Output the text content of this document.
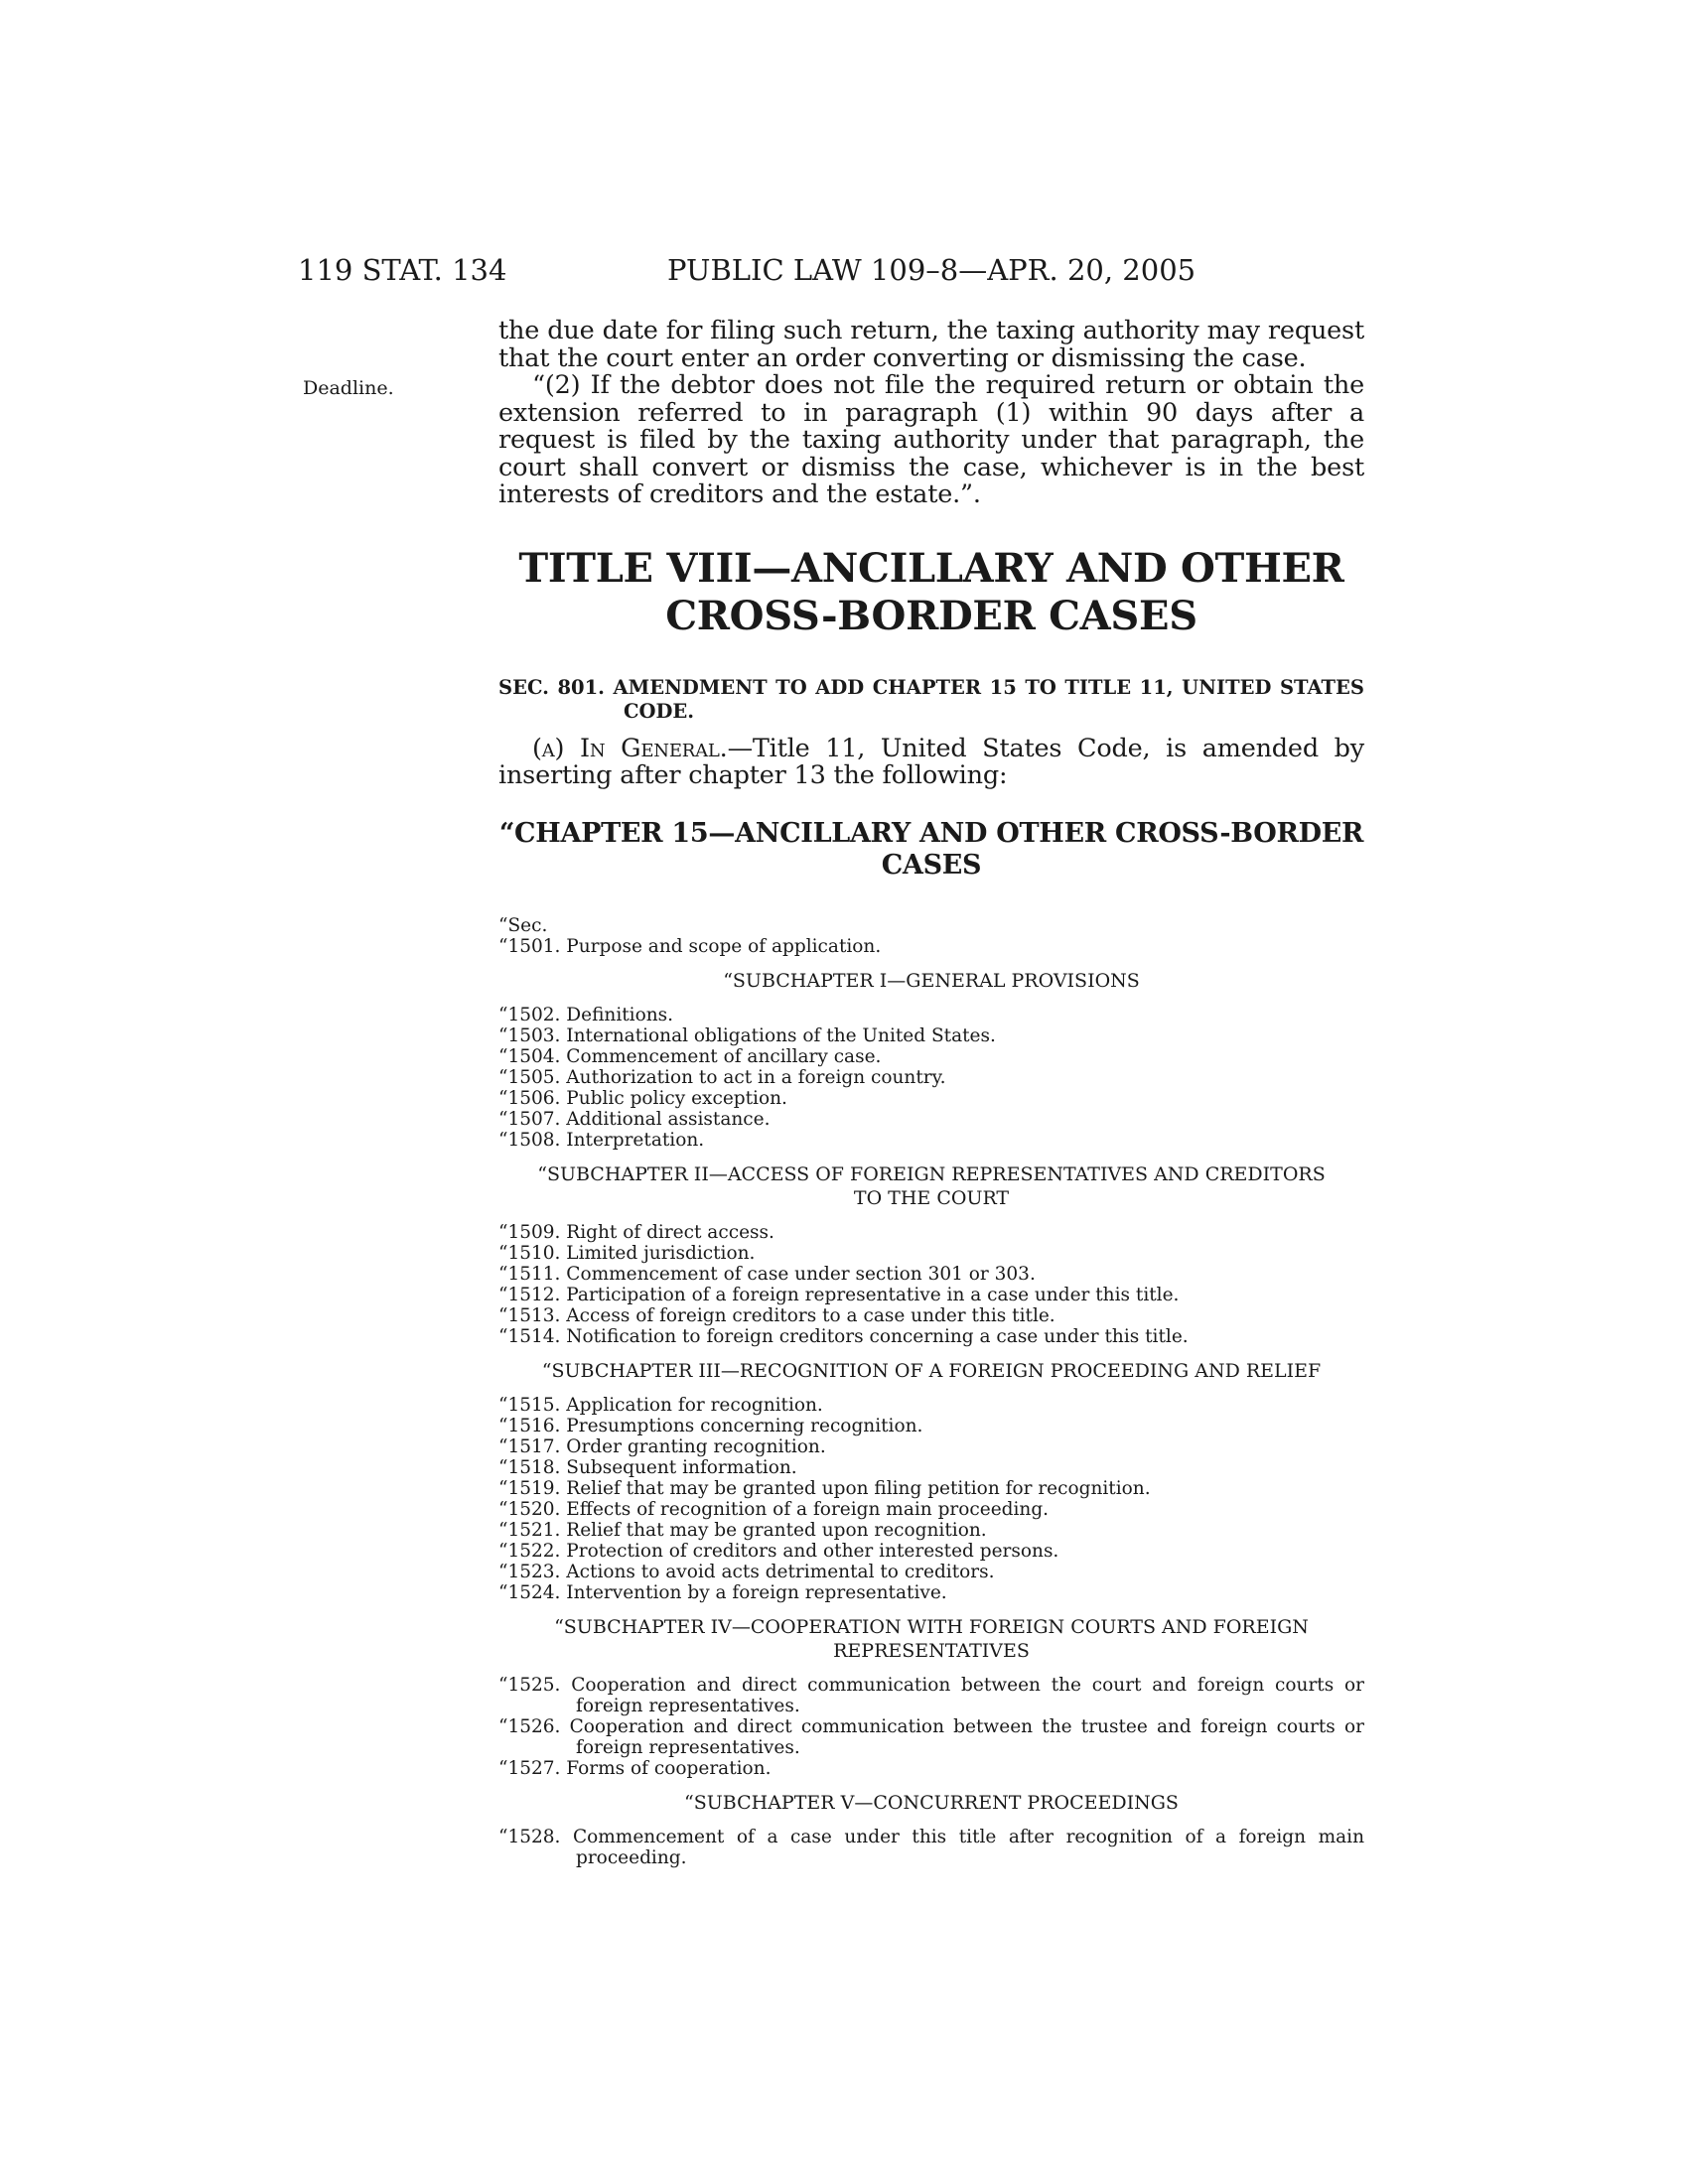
119 STAT. 134	PUBLIC LAW 109–8—APR. 20, 2005
Deadline.

the due date for filing such return, the taxing authority may request that the court enter an order converting or dismissing the case.

“(2) If the debtor does not file the required return or obtain the extension referred to in paragraph (1) within 90 days after a request is filed by the taxing authority under that paragraph, the court shall convert or dismiss the case, whichever is in the best interests of creditors and the estate.”.

TITLE VIII—ANCILLARY AND OTHER
CROSS-BORDER CASES
SEC. 801. AMENDMENT TO ADD CHAPTER 15 TO TITLE 11, UNITED STATES CODE.

(a) In General.—Title 11, United States Code, is amended by inserting after chapter 13 the following:

“CHAPTER 15—ANCILLARY AND OTHER CROSS-BORDER
CASES
“Sec.
“1501. Purpose and scope of application.
“SUBCHAPTER I—GENERAL PROVISIONS
“1502. Definitions.
“1503. International obligations of the United States.
“1504. Commencement of ancillary case.
“1505. Authorization to act in a foreign country.
“1506. Public policy exception.
“1507. Additional assistance.
“1508. Interpretation.
“SUBCHAPTER II—ACCESS OF FOREIGN REPRESENTATIVES AND CREDITORS TO THE COURT
“1509. Right of direct access.
“1510. Limited jurisdiction.
“1511. Commencement of case under section 301 or 303.
“1512. Participation of a foreign representative in a case under this title.
“1513. Access of foreign creditors to a case under this title.
“1514. Notification to foreign creditors concerning a case under this title.
“SUBCHAPTER III—RECOGNITION OF A FOREIGN PROCEEDING AND RELIEF
“1515. Application for recognition.
“1516. Presumptions concerning recognition.
“1517. Order granting recognition.
“1518. Subsequent information.
“1519. Relief that may be granted upon filing petition for recognition.
“1520. Effects of recognition of a foreign main proceeding.
“1521. Relief that may be granted upon recognition.
“1522. Protection of creditors and other interested persons.
“1523. Actions to avoid acts detrimental to creditors.
“1524. Intervention by a foreign representative.
“SUBCHAPTER IV—COOPERATION WITH FOREIGN COURTS AND FOREIGN REPRESENTATIVES
“1525. Cooperation and direct communication between the court and foreign courts or foreign representatives.
“1526. Cooperation and direct communication between the trustee and foreign courts or foreign representatives.
“1527. Forms of cooperation.
“SUBCHAPTER V—CONCURRENT PROCEEDINGS
“1528. Commencement of a case under this title after recognition of a foreign main proceeding.
